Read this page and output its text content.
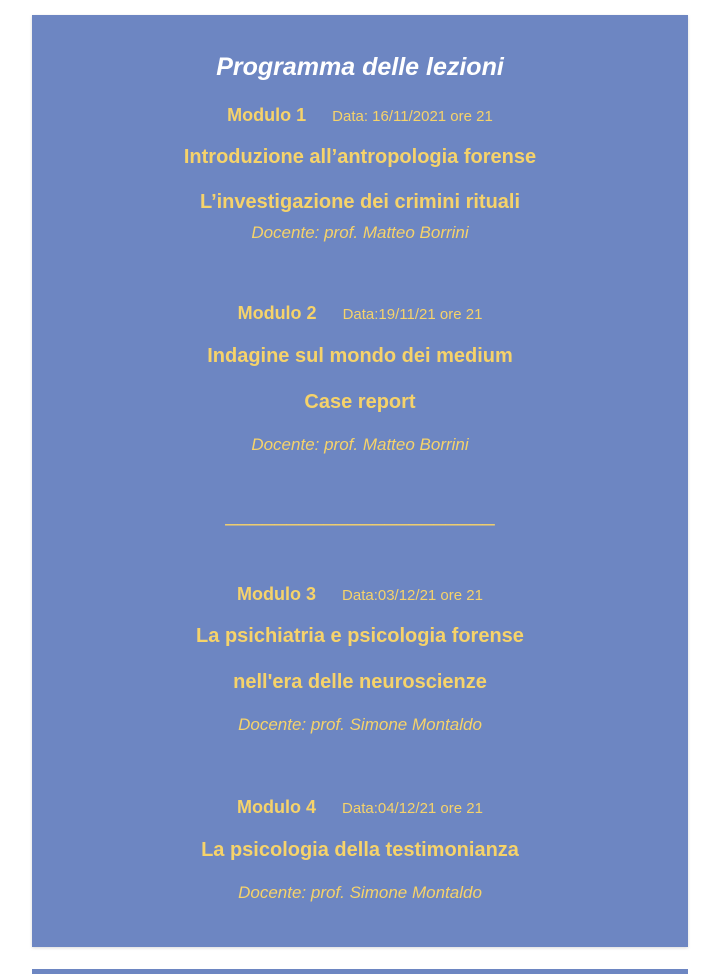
Programma delle lezioni
Modulo 1 Data: 16/11/2021 ore 21
Introduzione all’antropologia forense
L’investigazione dei crimini rituali
Docente: prof. Matteo Borrini
Modulo 2 Data:19/11/21 ore 21
Indagine sul mondo dei medium
Case report
Docente: prof. Matteo Borrini
______________________
Modulo 3 Data:03/12/21 ore 21
La psichiatria e psicologia forense
nell'era delle neuroscienze
Docente: prof. Simone Montaldo
Modulo 4 Data:04/12/21 ore 21
La psicologia della testimonianza
Docente: prof. Simone Montaldo
